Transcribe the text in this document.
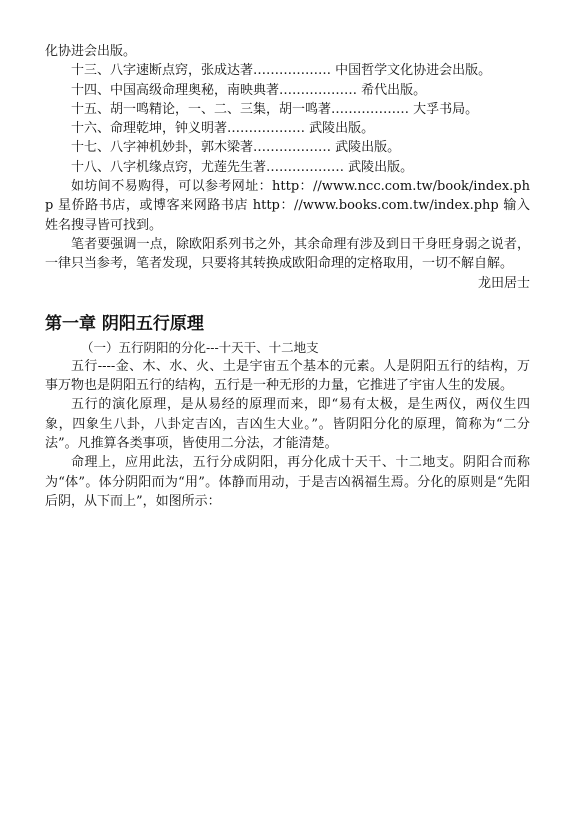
化协进会出版。

十三、八字速断点窍，张成达著……………… 中国哲学文化协进会出版。

十四、中国高级命理奥秘，南映典著……………… 希代出版。

十五、胡一鸣精论，一、二、三集，胡一鸣著……………… 大孚书局。

十六、命理乾坤，钟义明著……………… 武陵出版。

十七、八字神机妙卦，郭木梁著……………… 武陵出版。

十八、八字机缘点窍，尤莲先生著……………… 武陵出版。

如坊间不易购得，可以参考网址：http：//www.ncc.com.tw/book/index.php 星侨路书店，或博客来网路书店 http：//www.books.com.tw/index.php 输入姓名搜寻皆可找到。

笔者要强调一点，除欧阳系列书之外，其余命理有涉及到日干身旺身弱之说者，一律只当参考，笔者发现，只要将其转换成欧阳命理的定格取用，一切不解自解。

龙田居士

第一章 阴阳五行原理

（一）五行阴阳的分化---十天干、十二地支

五行----金、木、水、火、土是宇宙五个基本的元素。人是阴阳五行的结构，万事万物也是阴阳五行的结构，五行是一种无形的力量，它推进了宇宙人生的发展。

五行的演化原理，是从易经的原理而来，即“易有太极，是生两仪，两仪生四象，四象生八卦，八卦定吉凶，吉凶生大业。”。皆阴阳分化的原理，简称为“二分法”。凡推算各类事项，皆使用二分法，才能清楚。

命理上，应用此法，五行分成阴阳，再分化成十天干、十二地支。阴阳合而称为“体”。体分阴阳而为“用”。体静而用动，于是吉凶祸福生焉。分化的原则是“先阳后阴，从下而上”，如图所示：
